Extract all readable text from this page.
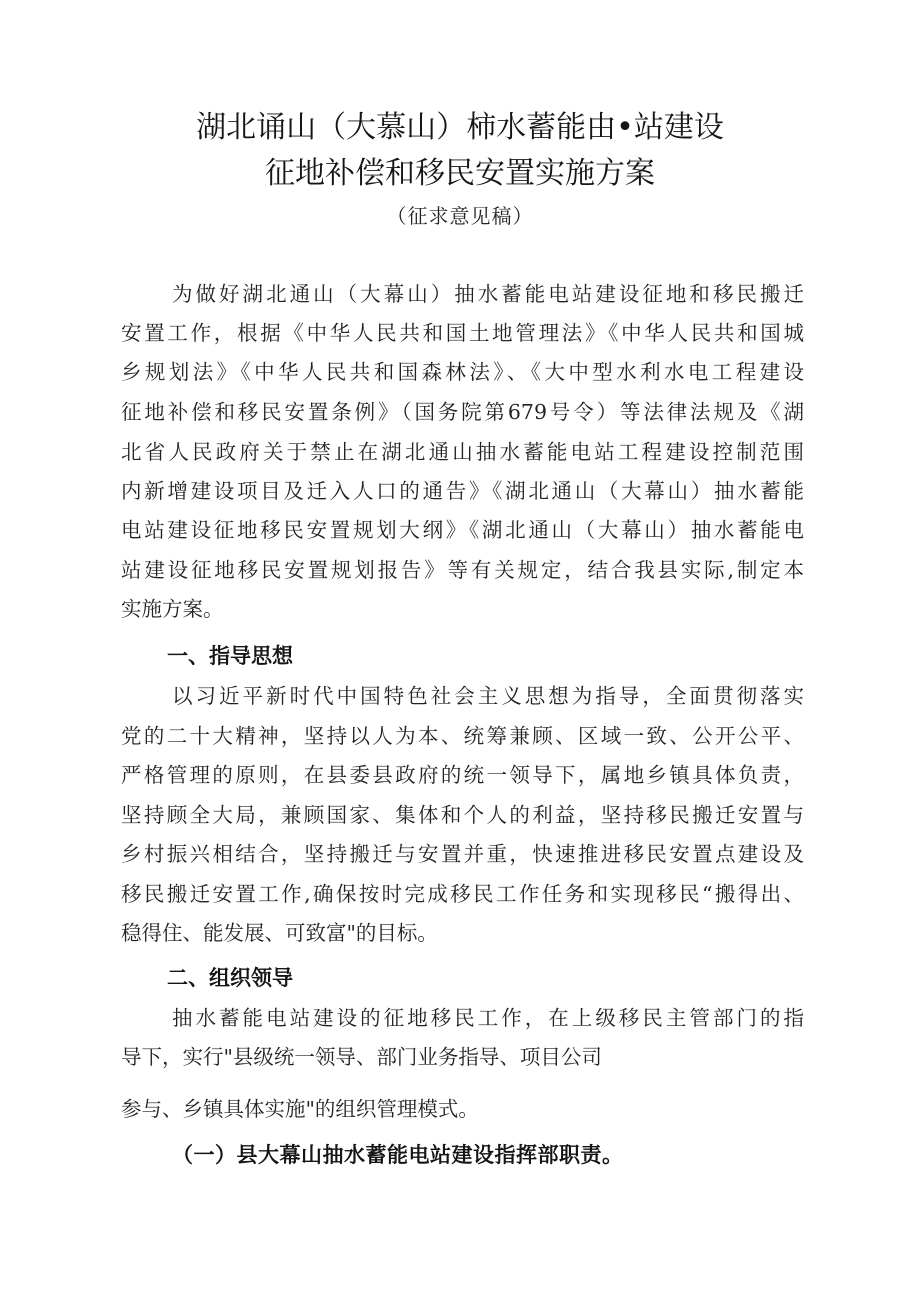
湖北诵山（大慕山）柿水蓄能由•站建设
征地补偿和移民安置实施方案
（征求意见稿）
为做好湖北通山（大幕山）抽水蓄能电站建设征地和移民搬迁
安置工作，根据《中华人民共和国土地管理法》《中华人民共和国城
乡规划法》《中华人民共和国森林法》、《大中型水利水电工程建设
征地补偿和移民安置条例》（国务院第679号令）等法律法规及《湖
北省人民政府关于禁止在湖北通山抽水蓄能电站工程建设控制范围
内新增建设项目及迁入人口的通告》《湖北通山（大幕山）抽水蓄能
电站建设征地移民安置规划大纲》《湖北通山（大幕山）抽水蓄能电
站建设征地移民安置规划报告》等有关规定，结合我县实际,制定本
实施方案。
一、指导思想
以习近平新时代中国特色社会主义思想为指导，全面贯彻落实
党的二十大精神，坚持以人为本、统筹兼顾、区域一致、公开公平、
严格管理的原则，在县委县政府的统一领导下，属地乡镇具体负责，
坚持顾全大局，兼顾国家、集体和个人的利益，坚持移民搬迁安置与
乡村振兴相结合，坚持搬迁与安置并重，快速推进移民安置点建设及
移民搬迁安置工作,确保按时完成移民工作任务和实现移民“搬得出、
稳得住、能发展、可致富"的目标。
二、组织领导
抽水蓄能电站建设的征地移民工作，在上级移民主管部门的指
导下，实行"县级统一领导、部门业务指导、项目公司
参与、乡镇具体实施"的组织管理模式。
（一）县大幕山抽水蓄能电站建设指挥部职责。
